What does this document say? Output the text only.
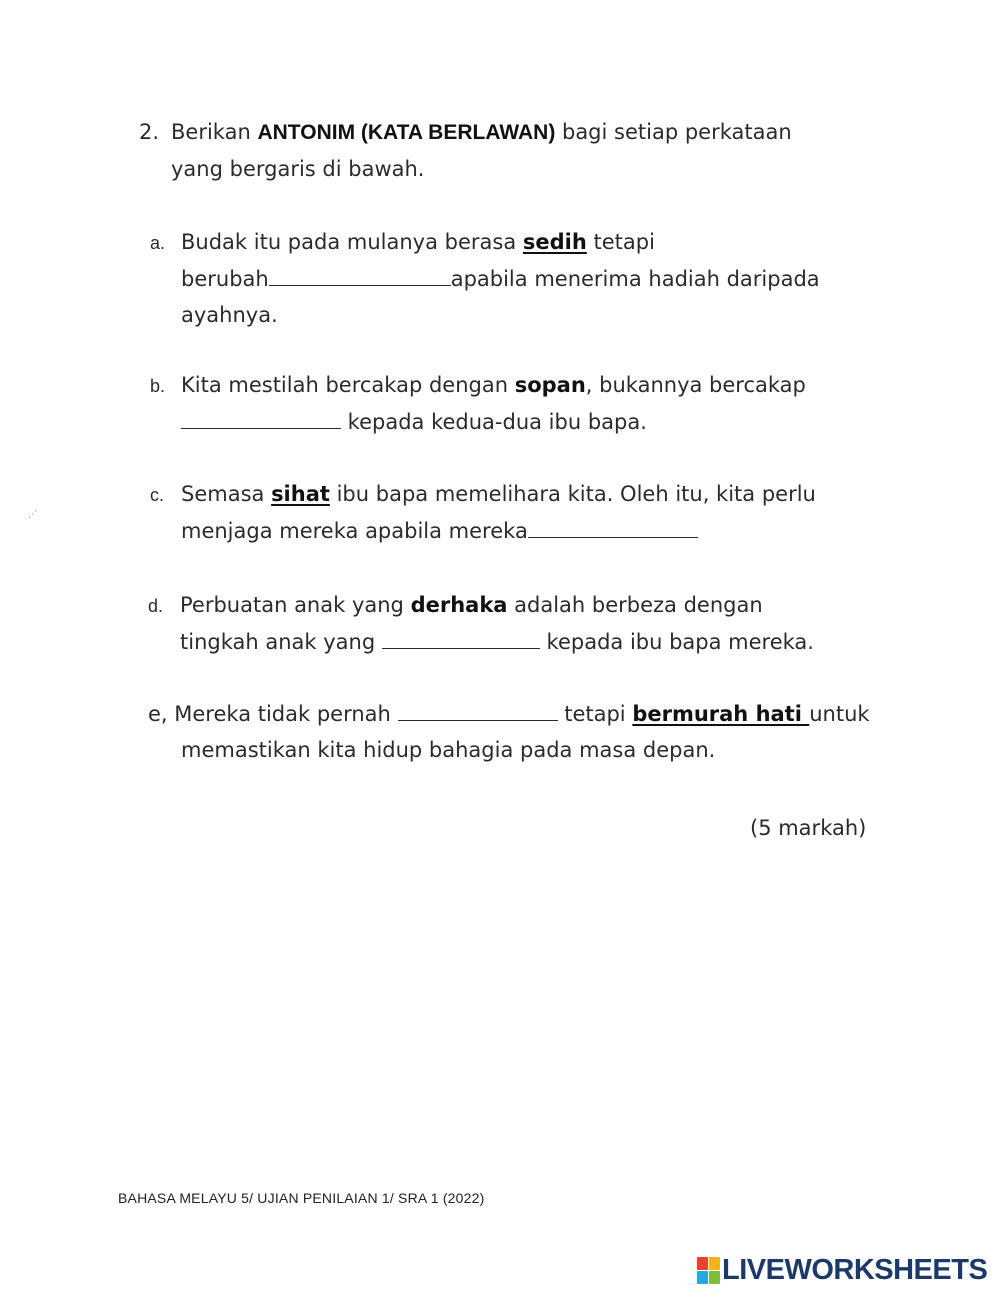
2. Berikan ANTONIM (KATA BERLAWAN) bagi setiap perkataan
yang bergaris di bawah.
a. Budak itu pada mulanya berasa sedih tetapi
berubah	apabila menerima hadiah daripada
ayahnya.
b. Kita mestilah bercakap dengan sopan, bukannya bercakap
kepada kedua-dua ibu bapa.
c. Semasa sihat ibu bapa memelihara kita. Oleh itu, kita perlu
menjaga mereka apabila mereka
d. Perbuatan anak yang derhaka adalah berbeza dengan
tingkah anak yang	kepada ibu bapa mereka.
e, Mereka tidak pernah	tetapi bermurah hati untuk
memastikan kita hidup bahagia pada masa depan.
(5 markah)
⋰
BAHASA MELAYU 5/ UJIAN PENILAIAN 1/ SRA 1 (2022)
LIVEWORKSHEETS
